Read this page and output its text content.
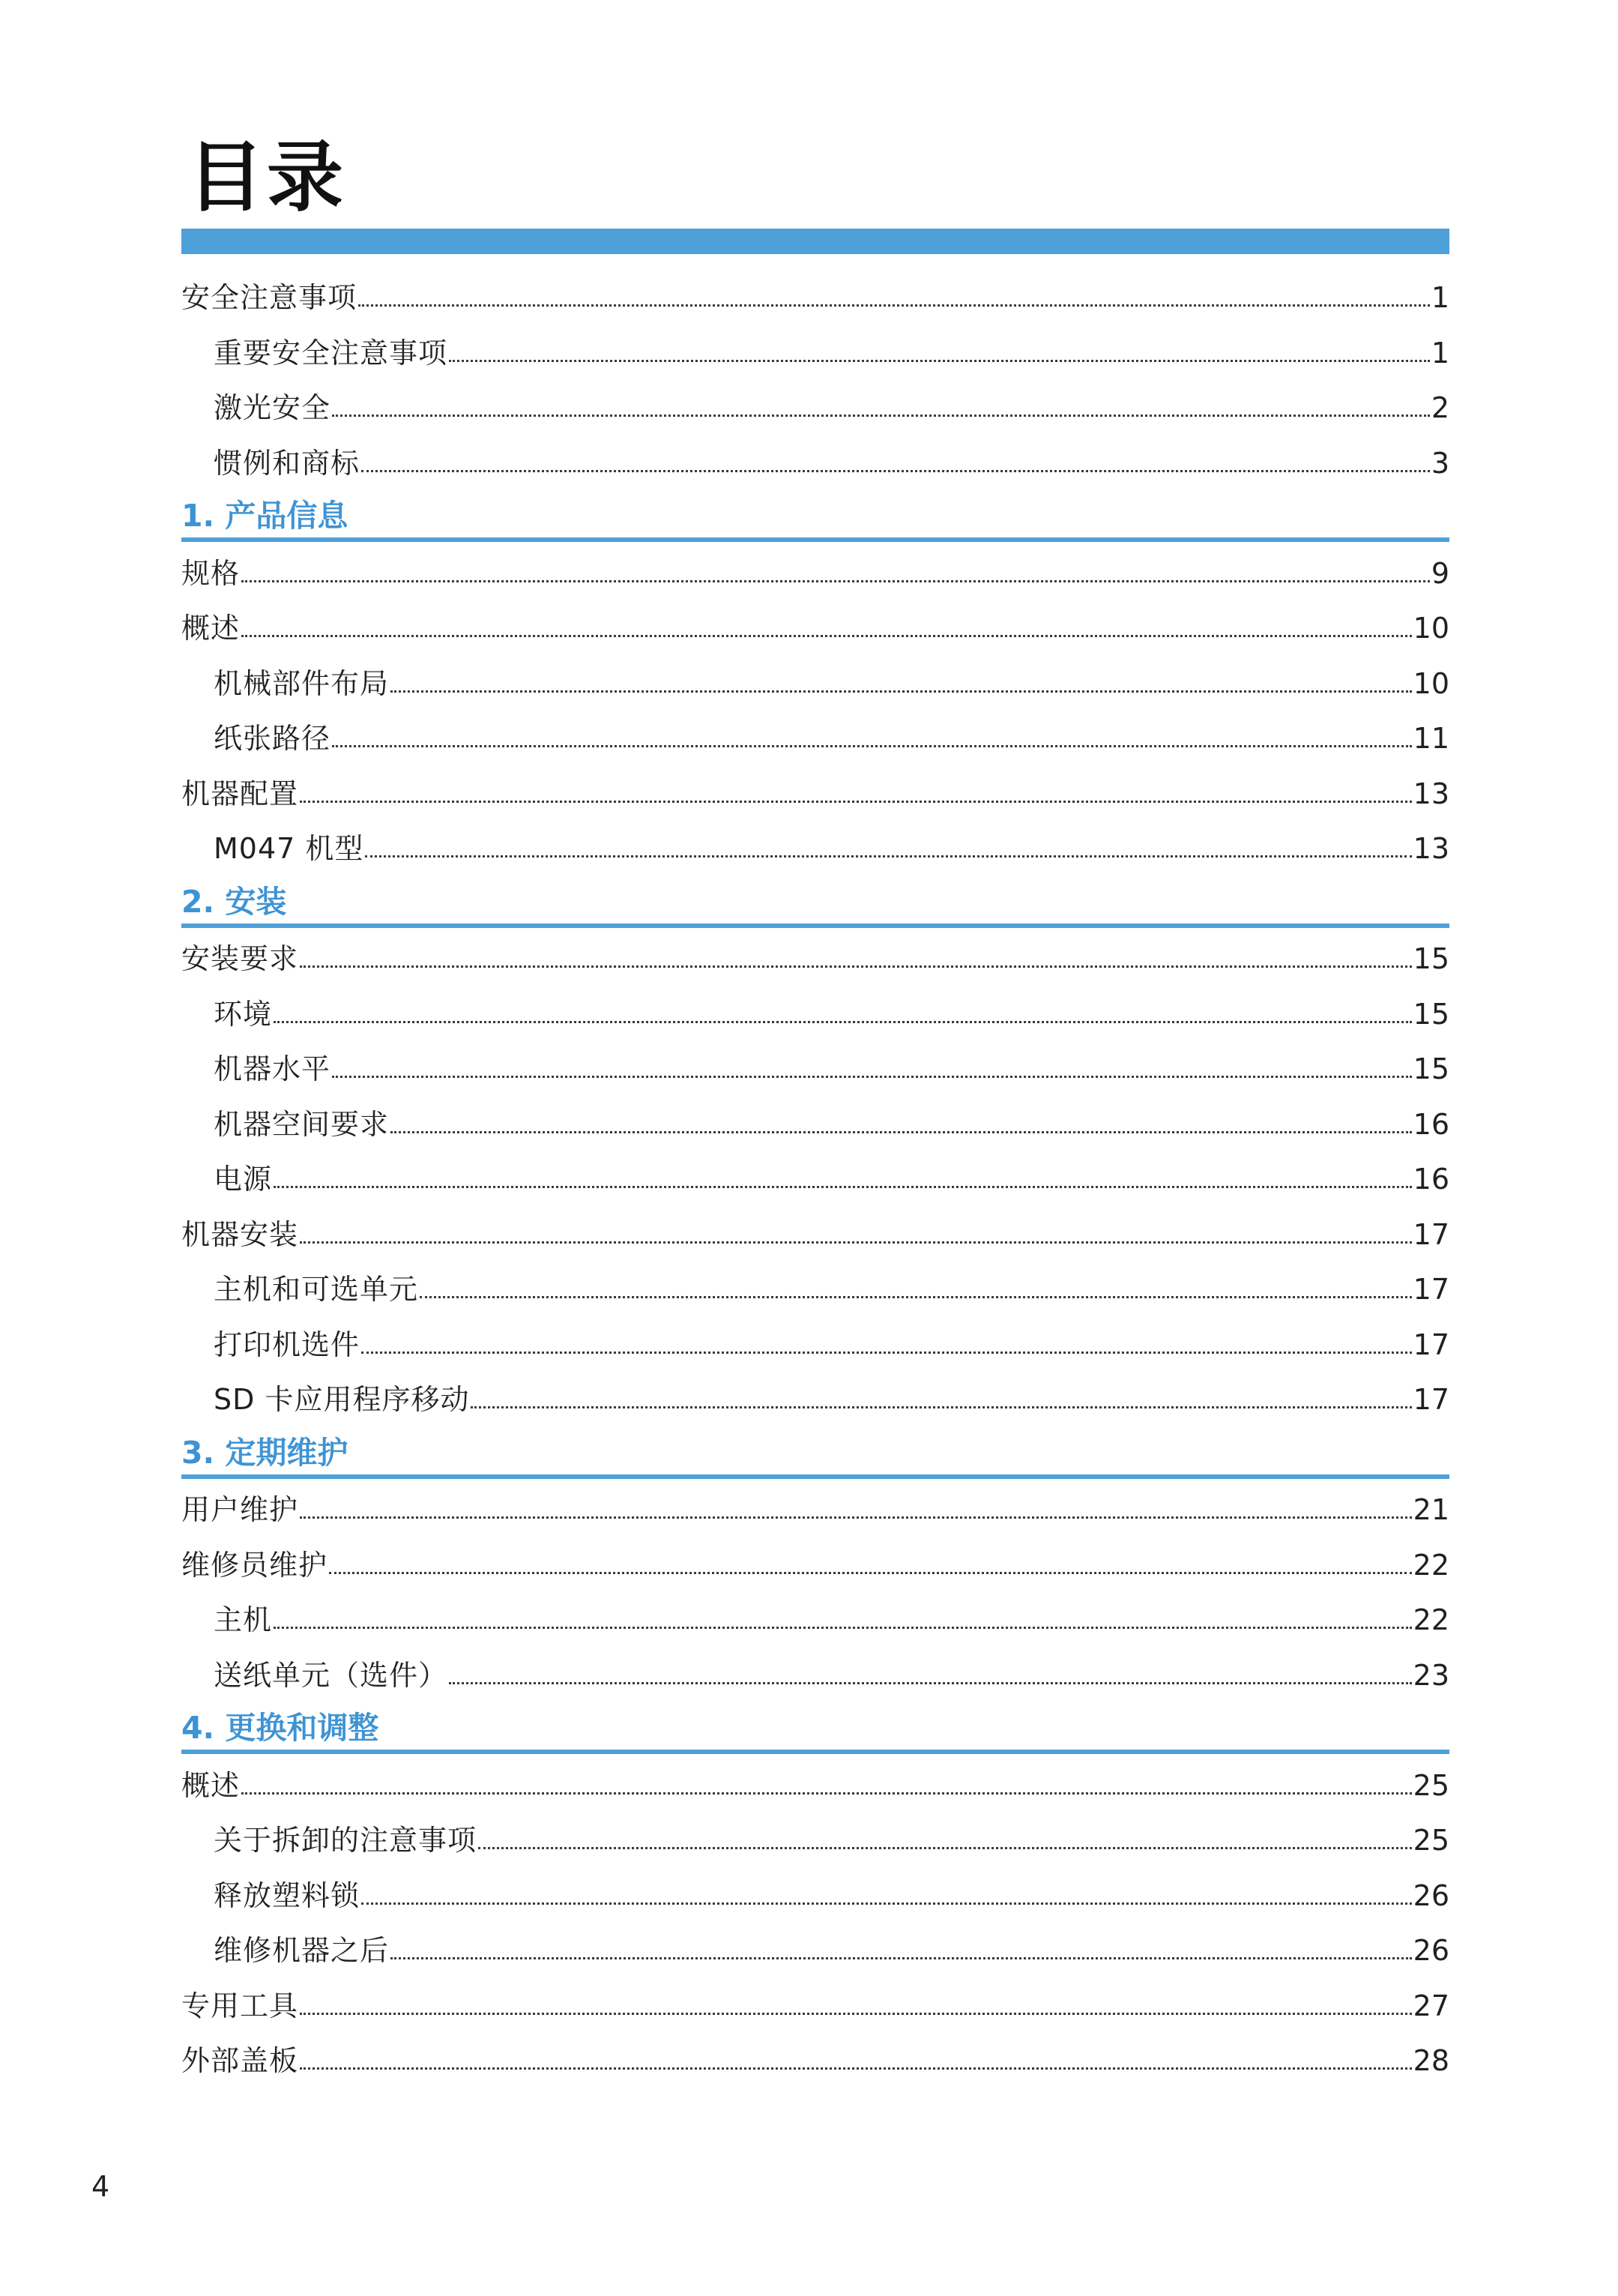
目录
安全注意事项	1
重要安全注意事项	1
激光安全	2
惯例和商标	3
1. 产品信息
规格	9
概述	10
机械部件布局	10
纸张路径	11
机器配置	13
M047 机型	13
2. 安装
安装要求	15
环境	15
机器水平	15
机器空间要求	16
电源	16
机器安装	17
主机和可选单元	17
打印机选件	17
SD 卡应用程序移动	17
3. 定期维护
用户维护	21
维修员维护	22
主机	22
送纸单元（选件）	23
4. 更换和调整
概述	25
关于拆卸的注意事项	25
释放塑料锁	26
维修机器之后	26
专用工具	27
外部盖板	28
4
